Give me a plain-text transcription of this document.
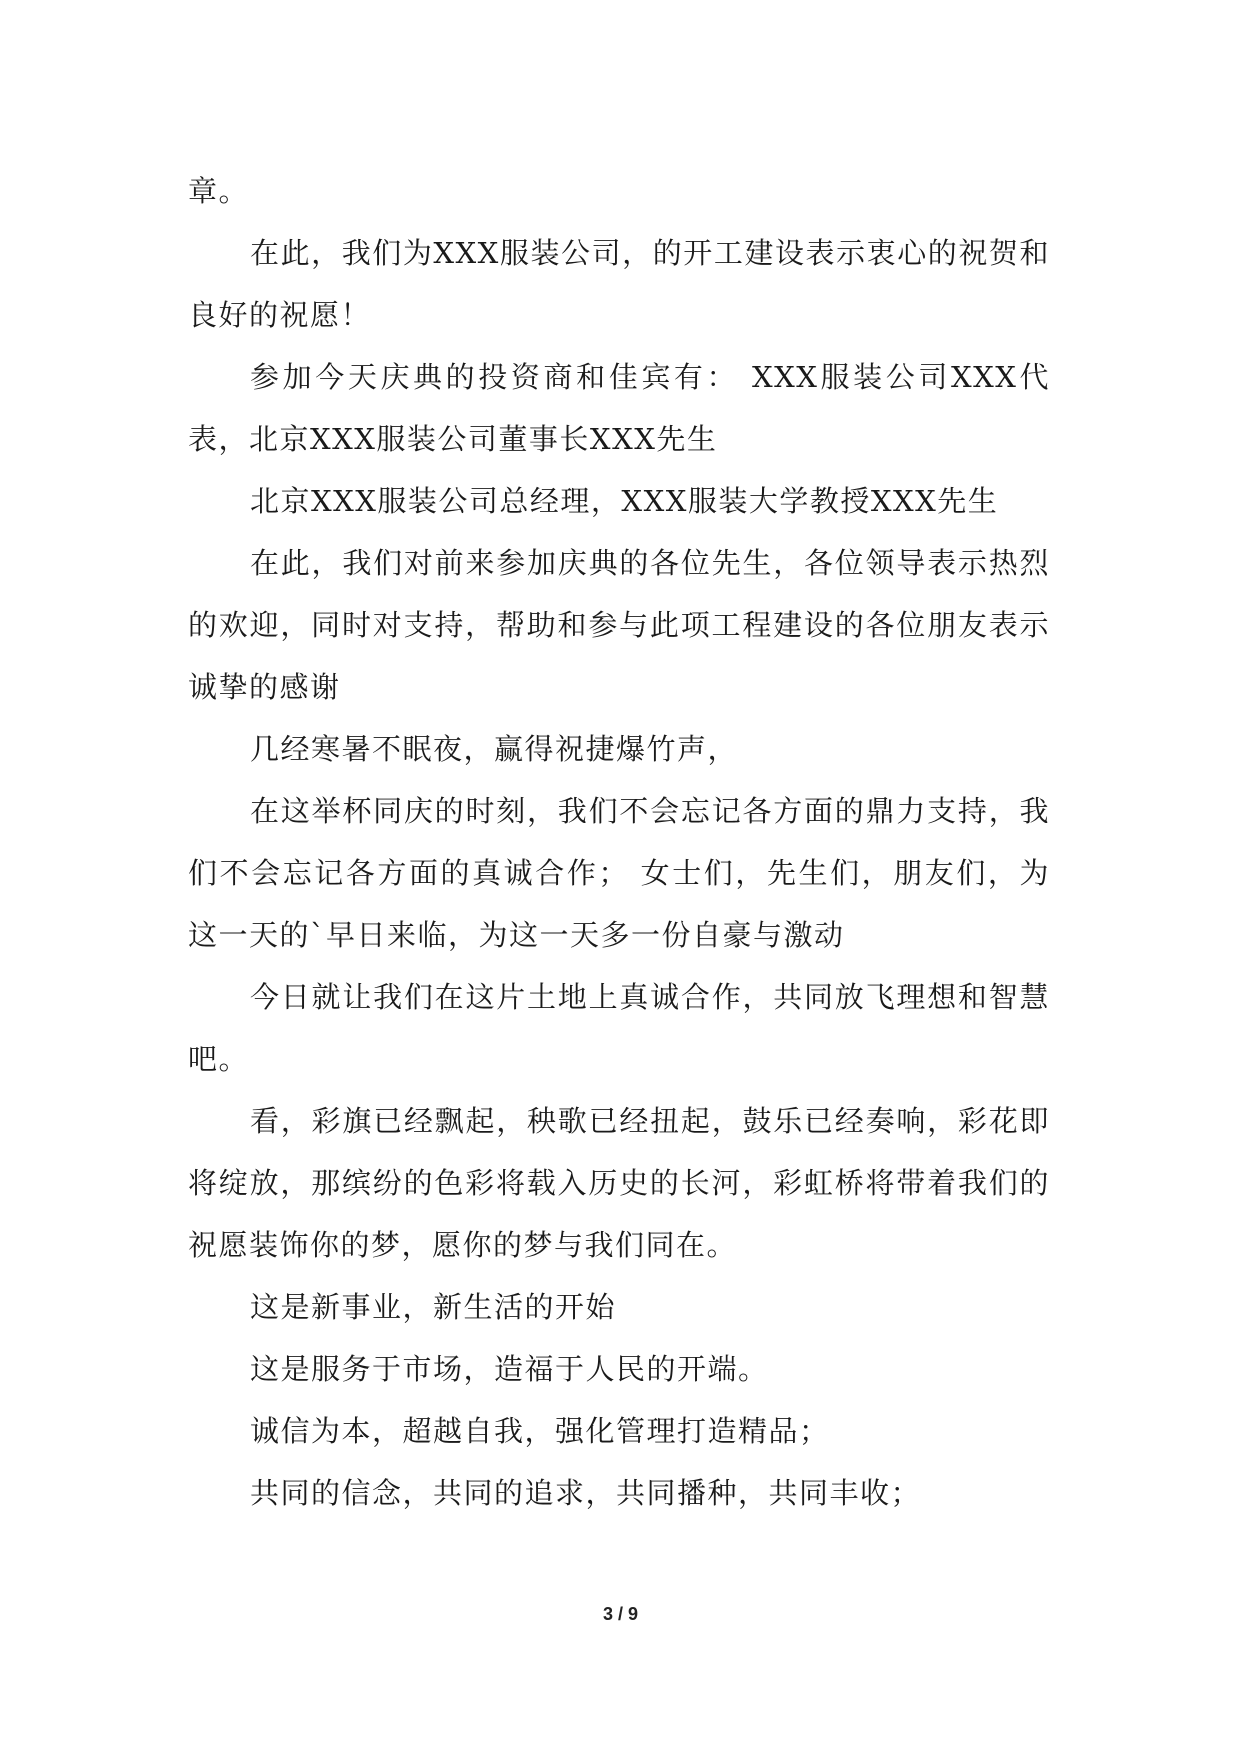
章。

在此，我们为XXX服装公司，的开工建设表示衷心的祝贺和良好的祝愿！

参加今天庆典的投资商和佳宾有： XXX服装公司XXX代表，北京XXX服装公司董事长XXX先生

北京XXX服装公司总经理，XXX服装大学教授XXX先生

在此，我们对前来参加庆典的各位先生，各位领导表示热烈的欢迎，同时对支持，帮助和参与此项工程建设的各位朋友表示诚挚的感谢

几经寒暑不眠夜，赢得祝捷爆竹声，

在这举杯同庆的时刻，我们不会忘记各方面的鼎力支持，我们不会忘记各方面的真诚合作； 女士们，先生们，朋友们，为这一天的`早日来临，为这一天多一份自豪与激动

今日就让我们在这片土地上真诚合作，共同放飞理想和智慧吧。

看，彩旗已经飘起，秧歌已经扭起，鼓乐已经奏响，彩花即将绽放，那缤纷的色彩将载入历史的长河，彩虹桥将带着我们的祝愿装饰你的梦，愿你的梦与我们同在。

这是新事业，新生活的开始

这是服务于市场，造福于人民的开端。

诚信为本，超越自我，强化管理打造精品；

共同的信念，共同的追求，共同播种，共同丰收；

3 / 9
